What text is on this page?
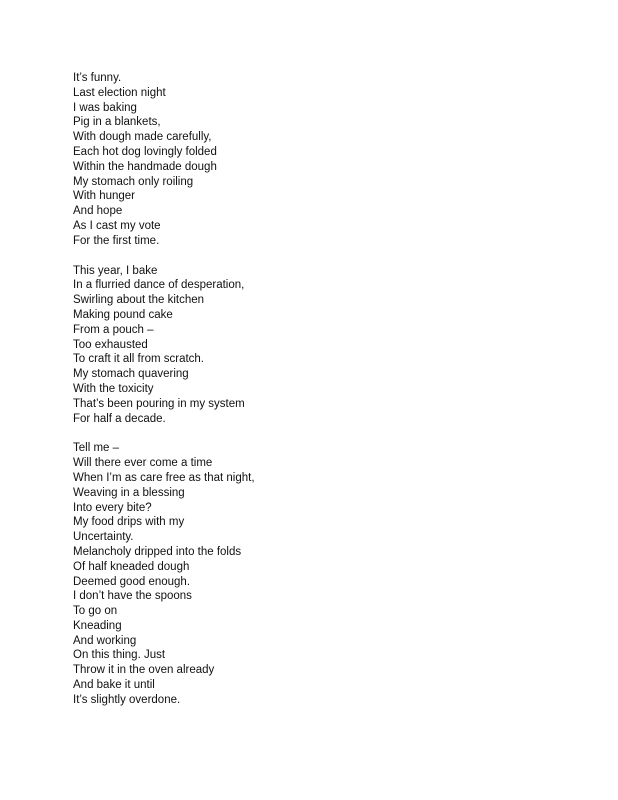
It’s funny.
Last election night
I was baking
Pig in a blankets,
With dough made carefully,
Each hot dog lovingly folded
Within the handmade dough
My stomach only roiling
With hunger
And hope
As I cast my vote
For the first time.
This year, I bake
In a flurried dance of desperation,
Swirling about the kitchen
Making pound cake
From a pouch –
Too exhausted
To craft it all from scratch.
My stomach quavering
With the toxicity
That’s been pouring in my system
For half a decade.
Tell me –
Will there ever come a time
When I’m as care free as that night,
Weaving in a blessing
Into every bite?
My food drips with my
Uncertainty.
Melancholy dripped into the folds
Of half kneaded dough
Deemed good enough.
I don’t have the spoons
To go on
Kneading
And working
On this thing. Just
Throw it in the oven already
And bake it until
It’s slightly overdone.
